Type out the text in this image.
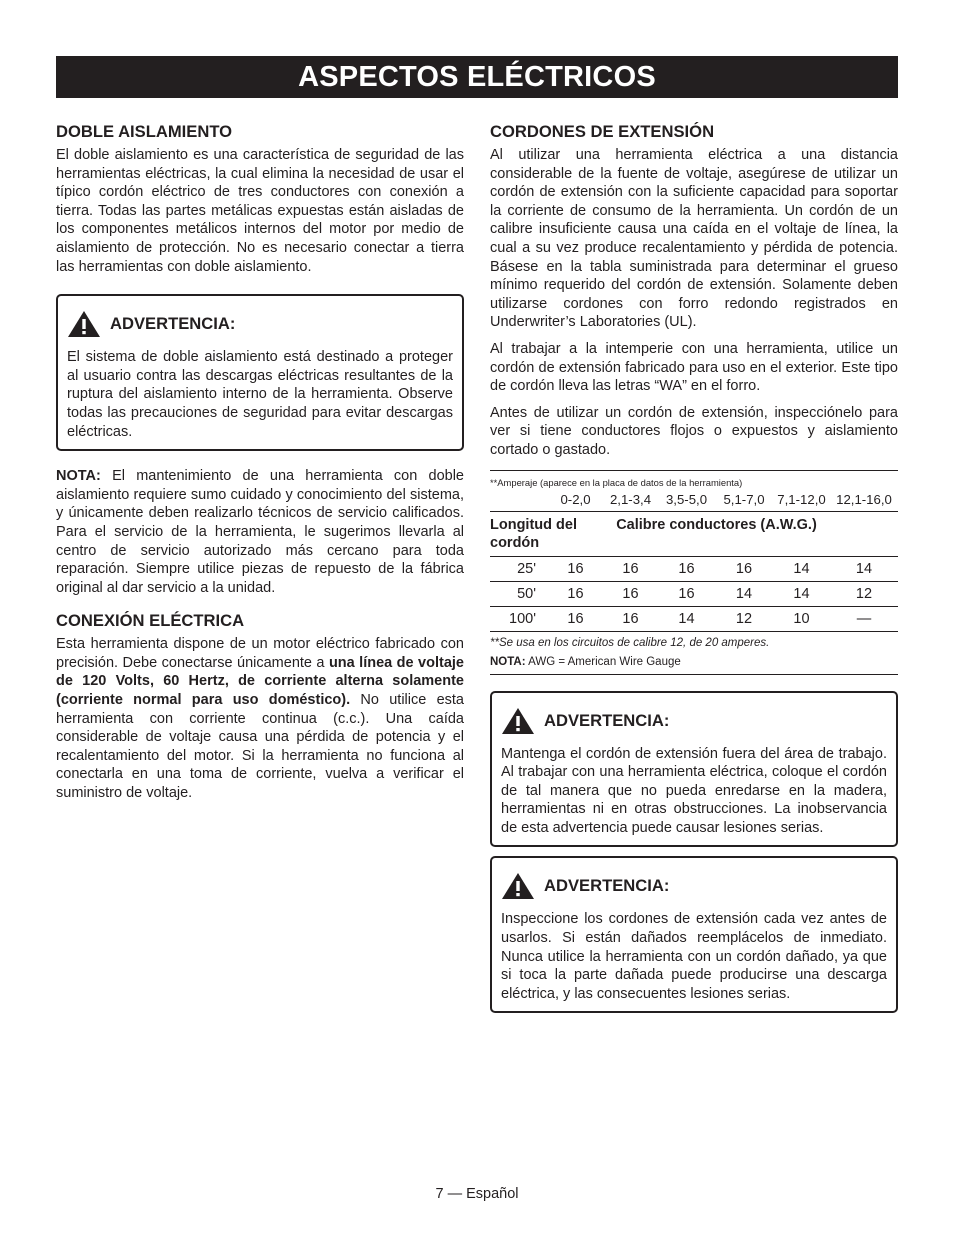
ASPECTOS ELÉCTRICOS
DOBLE AISLAMIENTO

El doble aislamiento es una característica de seguridad de las herramientas eléctricas, la cual elimina la necesidad de usar el típico cordón eléctrico de tres conductores con conexión a tierra. Todas las partes metálicas expuestas están aisladas de los componentes metálicos internos del motor por medio de aislamiento de protección. No es necesario conectar a tierra las herramientas con doble aislamiento.

ADVERTENCIA:

El sistema de doble aislamiento está destinado a proteger al usuario contra las descargas eléctricas resultantes de la ruptura del aislamiento interno de la herramienta. Observe todas las precauciones de seguridad para evitar descargas eléctricas.

NOTA: El mantenimiento de una herramienta con doble aislamiento requiere sumo cuidado y conocimiento del sistema, y únicamente deben realizarlo técnicos de servicio calificados. Para el servicio de la herramienta, le sugerimos llevarla al centro de servicio autorizado más cercano para toda reparación. Siempre utilice piezas de repuesto de la fábrica original al dar servicio a la unidad.

CONEXIÓN ELÉCTRICA

Esta herramienta dispone de un motor eléctrico fabricado con precisión. Debe conectarse únicamente a una línea de voltaje de 120 Volts, 60 Hertz, de corriente alterna solamente (corriente normal para uso doméstico). No utilice esta herramienta con corriente continua (c.c.). Una caída considerable de voltaje causa una pérdida de potencia y el recalentamiento del motor. Si la herramienta no funciona al conectarla en una toma de corriente, vuelva a verificar el suministro de voltaje.

CORDONES DE EXTENSIÓN

Al utilizar una herramienta eléctrica a una distancia considerable de la fuente de voltaje, asegúrese de utilizar un cordón de extensión con la suficiente capacidad para soportar la corriente de consumo de la herramienta. Un cordón de un calibre insuficiente causa una caída en el voltaje de línea, la cual a su vez produce recalentamiento y pérdida de potencia. Básese en la tabla suministrada para determinar el grueso mínimo requerido del cordón de extensión. Solamente deben utilizarse cordones con forro redondo registrados en Underwriter’s Laboratories (UL).

Al trabajar a la intemperie con una herramienta, utilice un cordón de extensión fabricado para uso en el exterior. Este tipo de cordón lleva las letras “WA” en el forro.

Antes de utilizar un cordón de extensión, inspecciónelo para ver si tiene conductores flojos o expuestos y aislamiento cortado o gastado.

**Amperaje (aparece en la placa de datos de la herramienta)

	0-2,0	2,1-3,4	3,5-5,0	5,1-7,0	7,1-12,0	12,1-16,0
Longitud del cordón		Calibre conductores (A.W.G.)				
25'	16	16	16	16	14	14
50'	16	16	16	14	14	12
100'	16	16	14	12	10	—

**Se usa en los circuitos de calibre 12, de 20 amperes.

NOTA: AWG = American Wire Gauge

ADVERTENCIA:

Mantenga el cordón de extensión fuera del área de trabajo. Al trabajar con una herramienta eléctrica, coloque el cordón de tal manera que no pueda enredarse en la madera, herramientas ni en otras obstrucciones. La inobservancia de esta advertencia puede causar lesiones serias.

ADVERTENCIA:

Inspeccione los cordones de extensión cada vez antes de usarlos. Si están dañados reemplácelos de inmediato. Nunca utilice la herramienta con un cordón dañado, ya que si toca la parte dañada puede producirse una descarga eléctrica, y las consecuentes lesiones serias.

7 — Español
